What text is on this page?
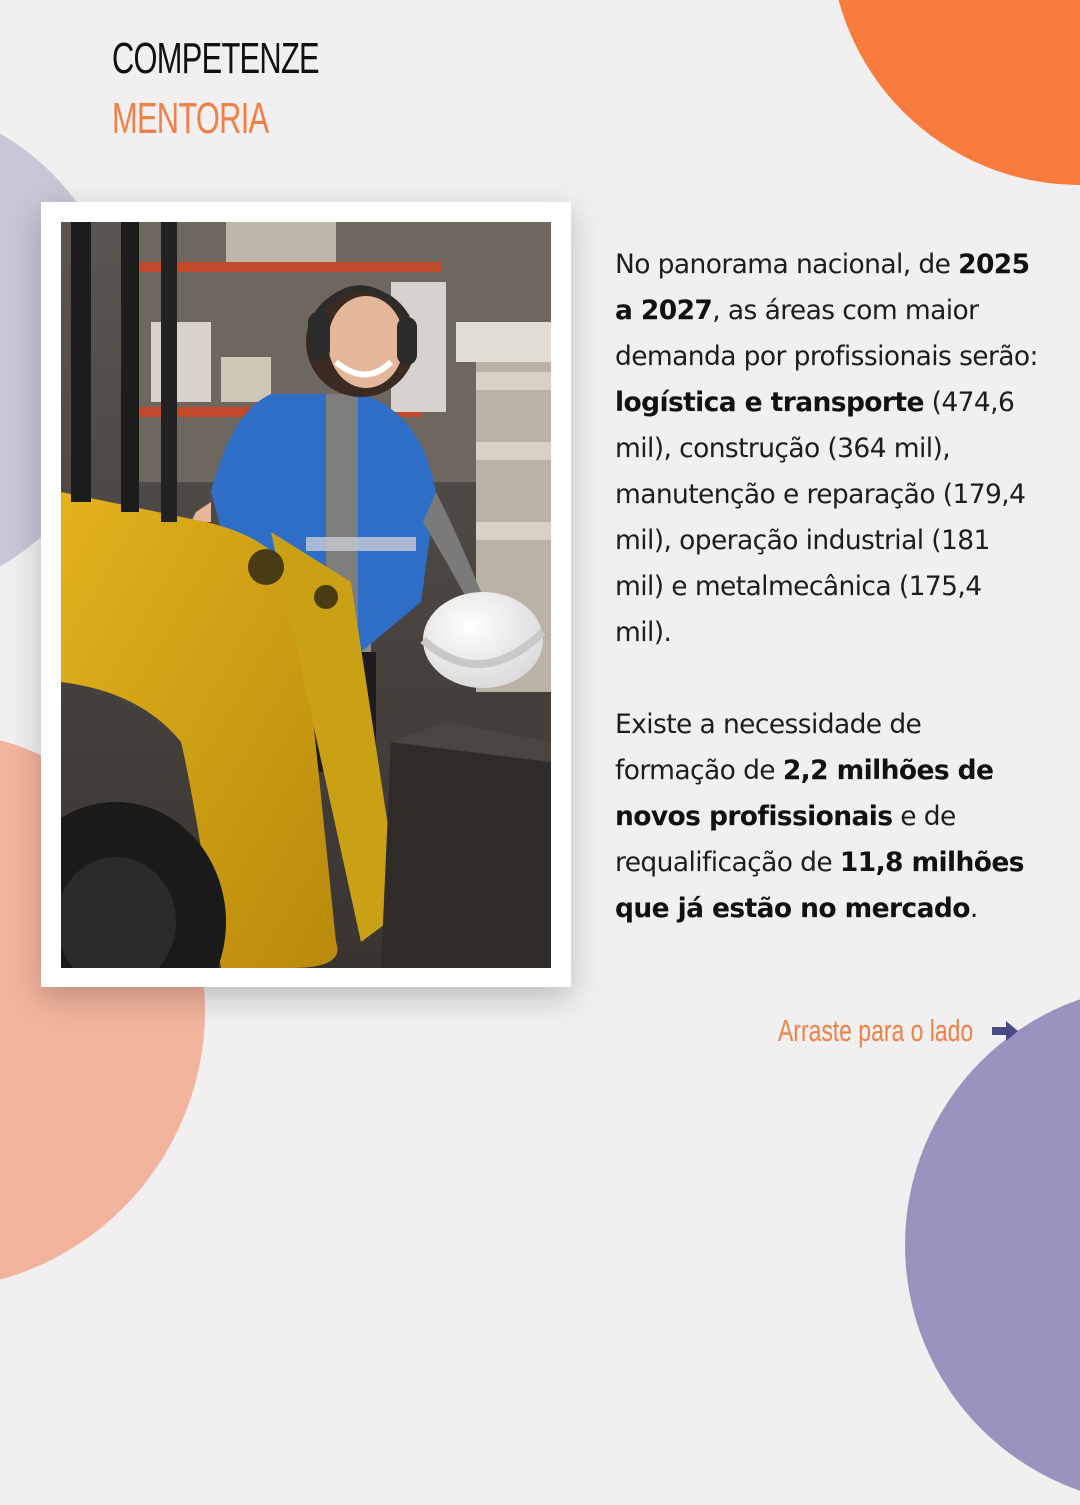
COMPETENZE
MENTORIA

No panorama nacional, de 2025 a 2027, as áreas com maior demanda por profissionais serão: logística e transporte (474,6 mil), construção (364 mil), manutenção e reparação (179,4 mil), operação industrial (181 mil) e metalmecânica (175,4 mil).

Existe a necessidade de formação de 2,2 milhões de novos profissionais e de requalificação de 11,8 milhões que já estão no mercado.

Arraste para o lado
